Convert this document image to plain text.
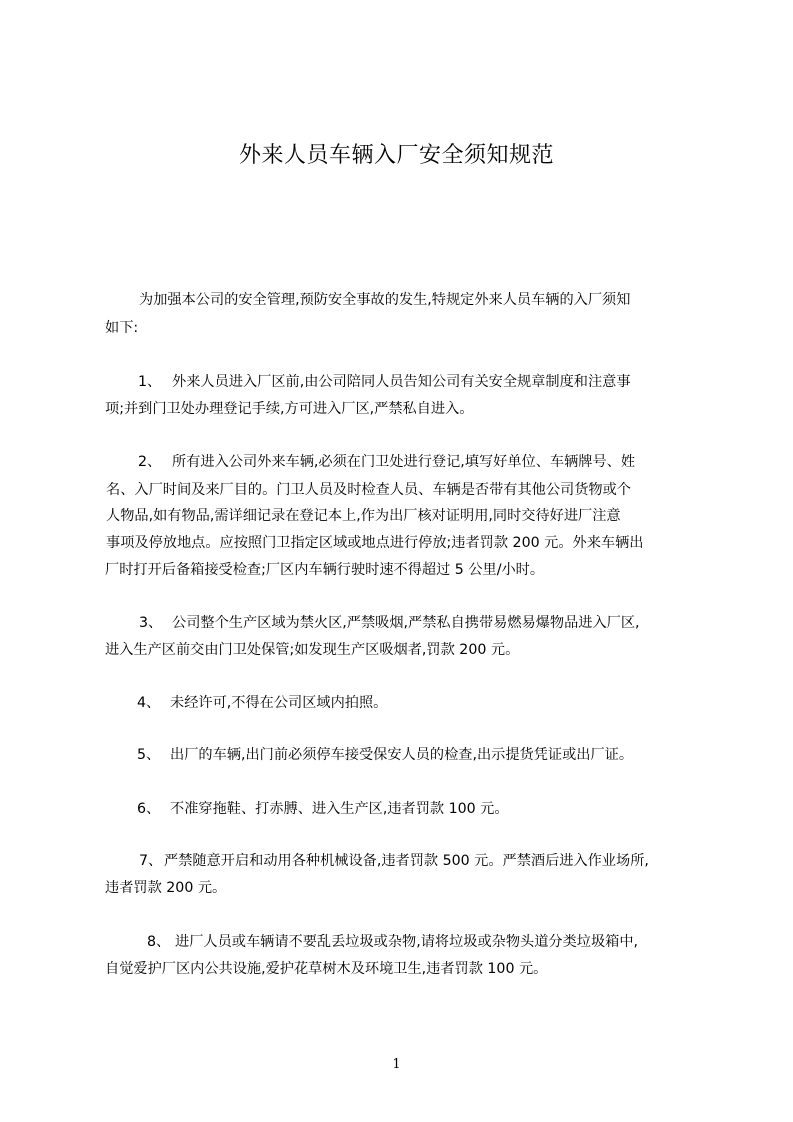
外来人员车辆入厂安全须知规范
为加强本公司的安全管理,预防安全事故的发生,特规定外来人员车辆的入厂须知
如下:
1、 外来人员进入厂区前,由公司陪同人员告知公司有关安全规章制度和注意事
项;并到门卫处办理登记手续,方可进入厂区,严禁私自进入。
2、 所有进入公司外来车辆,必须在门卫处进行登记,填写好单位、车辆牌号、姓
名、入厂时间及来厂目的。门卫人员及时检查人员、车辆是否带有其他公司货物或个
人物品,如有物品,需详细记录在登记本上,作为出厂核对证明用,同时交待好进厂注意
事项及停放地点。应按照门卫指定区域或地点进行停放;违者罚款 200 元。外来车辆出
厂时打开后备箱接受检查;厂区内车辆行驶时速不得超过 5 公里/小时。
3、 公司整个生产区域为禁火区,严禁吸烟,严禁私自携带易燃易爆物品进入厂区,
进入生产区前交由门卫处保管;如发现生产区吸烟者,罚款 200 元。
4、 未经许可,不得在公司区域内拍照。
5、 出厂的车辆,出门前必须停车接受保安人员的检查,出示提货凭证或出厂证。
6、 不准穿拖鞋、打赤膊、进入生产区,违者罚款 100 元。
7、 严禁随意开启和动用各种机械设备,违者罚款 500 元。严禁酒后进入作业场所,
违者罚款 200 元。
8、 进厂人员或车辆请不要乱丢垃圾或杂物,请将垃圾或杂物头道分类垃圾箱中,
自觉爱护厂区内公共设施,爱护花草树木及环境卫生,违者罚款 100 元。
1
